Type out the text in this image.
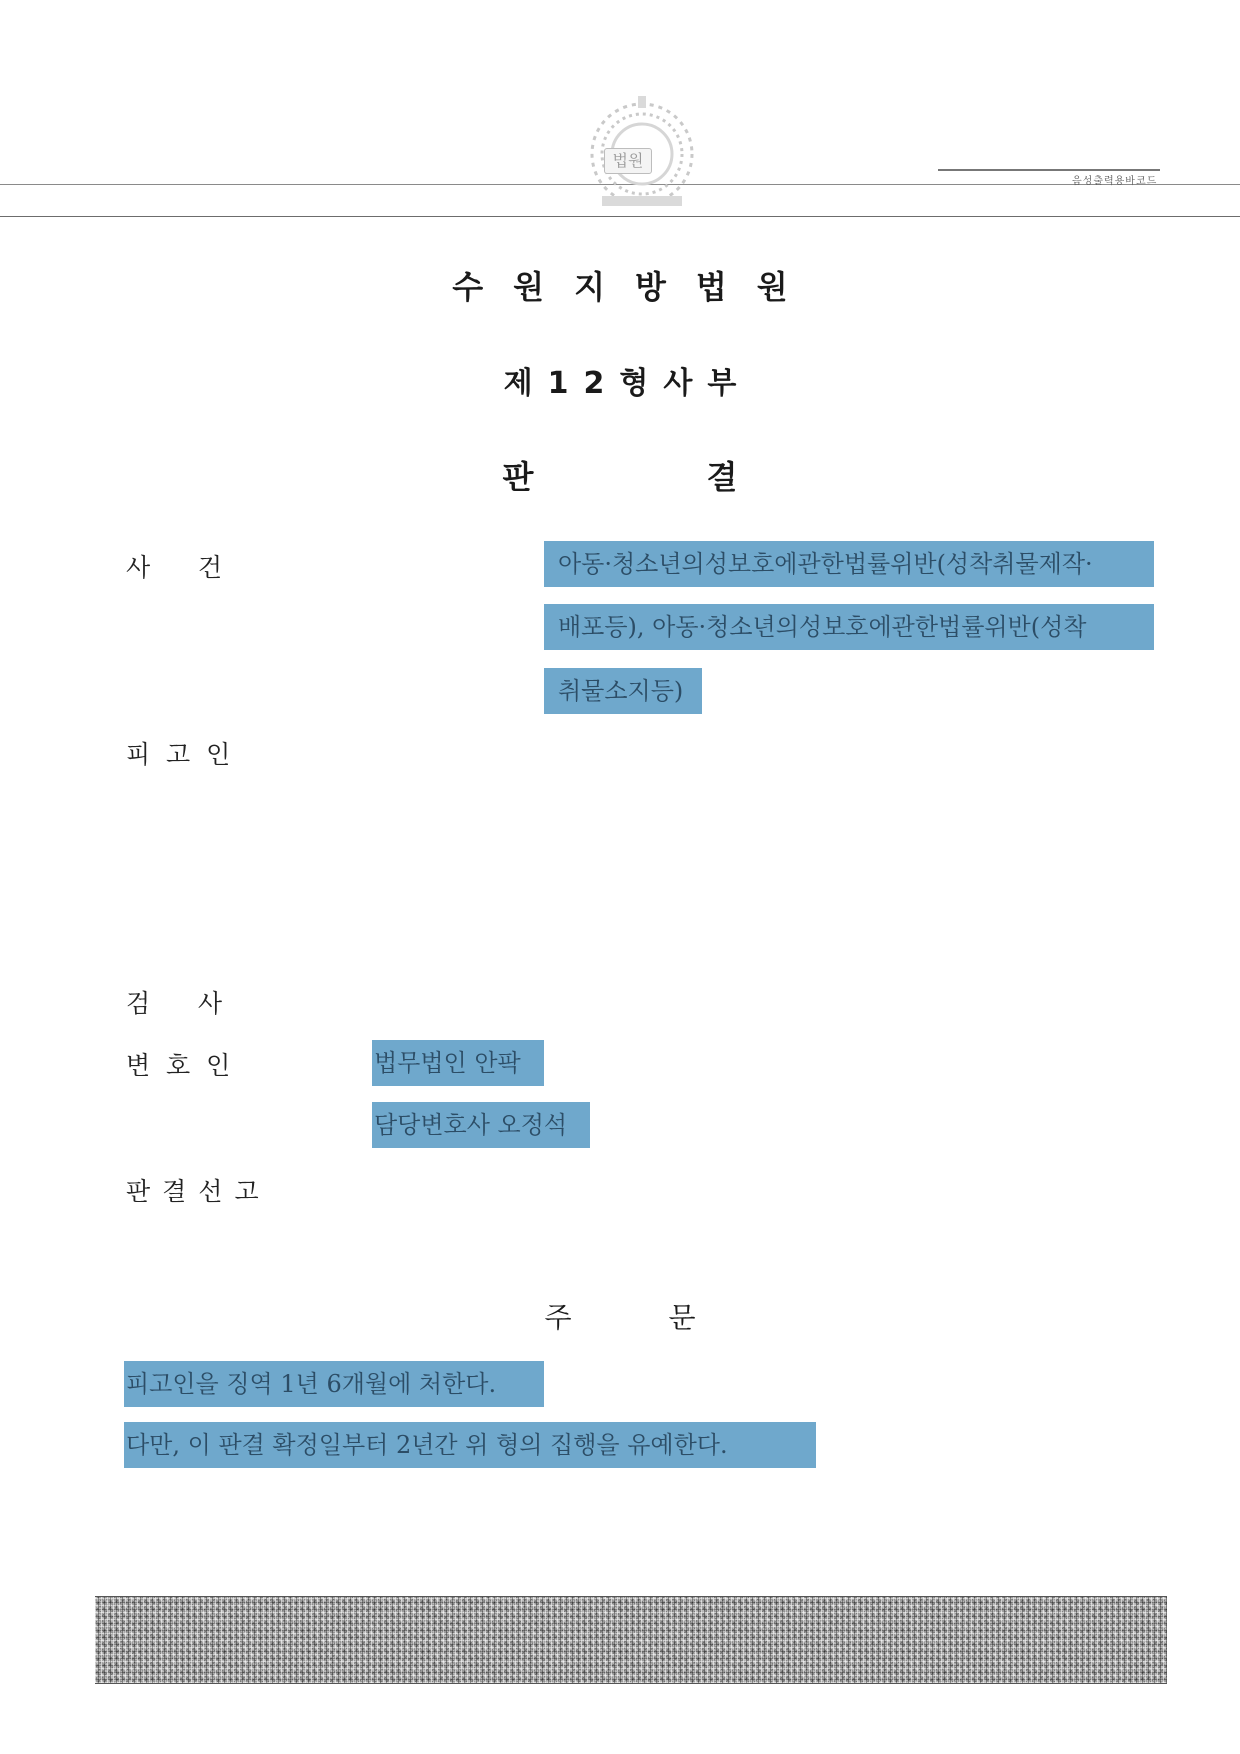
법원
음성출력용바코드
수원지방법원
제12형사부
판	결
사      건	아동·청소년의성보호에관한법률위반(성착취물제작·
배포등), 아동·청소년의성보호에관한법률위반(성착
취물소지등)
피  고  인
검      사
변  호  인	법무법인 안팍
담당변호사 오정석
판결선고
주	문
피고인을 징역 1년 6개월에 처한다.
다만, 이 판결 확정일부터 2년간 위 형의 집행을 유예한다.
